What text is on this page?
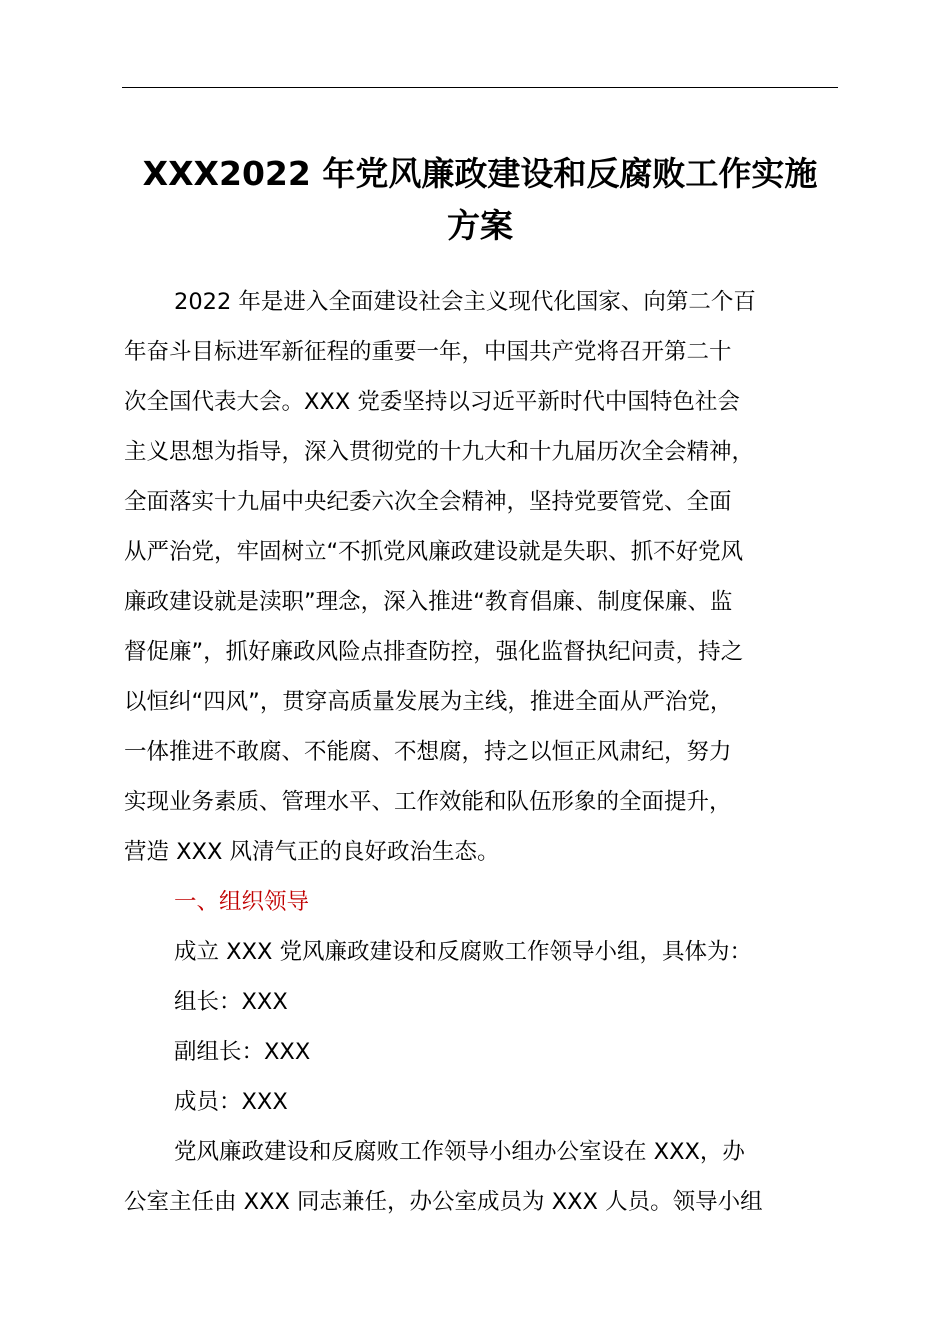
XXX2022 年党风廉政建设和反腐败工作实施
方案
2022 年是进入全面建设社会主义现代化国家、向第二个百
年奋斗目标进军新征程的重要一年，中国共产党将召开第二十
次全国代表大会。XXX 党委坚持以习近平新时代中国特色社会
主义思想为指导，深入贯彻党的十九大和十九届历次全会精神，
全面落实十九届中央纪委六次全会精神，坚持党要管党、全面
从严治党，牢固树立“不抓党风廉政建设就是失职、抓不好党风
廉政建设就是渎职”理念，深入推进“教育倡廉、制度保廉、监
督促廉”，抓好廉政风险点排查防控，强化监督执纪问责，持之
以恒纠“四风”，贯穿高质量发展为主线，推进全面从严治党，
一体推进不敢腐、不能腐、不想腐，持之以恒正风肃纪，努力
实现业务素质、管理水平、工作效能和队伍形象的全面提升，
营造 XXX 风清气正的良好政治生态。
一、组织领导
成立 XXX 党风廉政建设和反腐败工作领导小组，具体为：
组长：XXX
副组长：XXX
成员：XXX
党风廉政建设和反腐败工作领导小组办公室设在 XXX，办
公室主任由 XXX 同志兼任，办公室成员为 XXX 人员。领导小组
